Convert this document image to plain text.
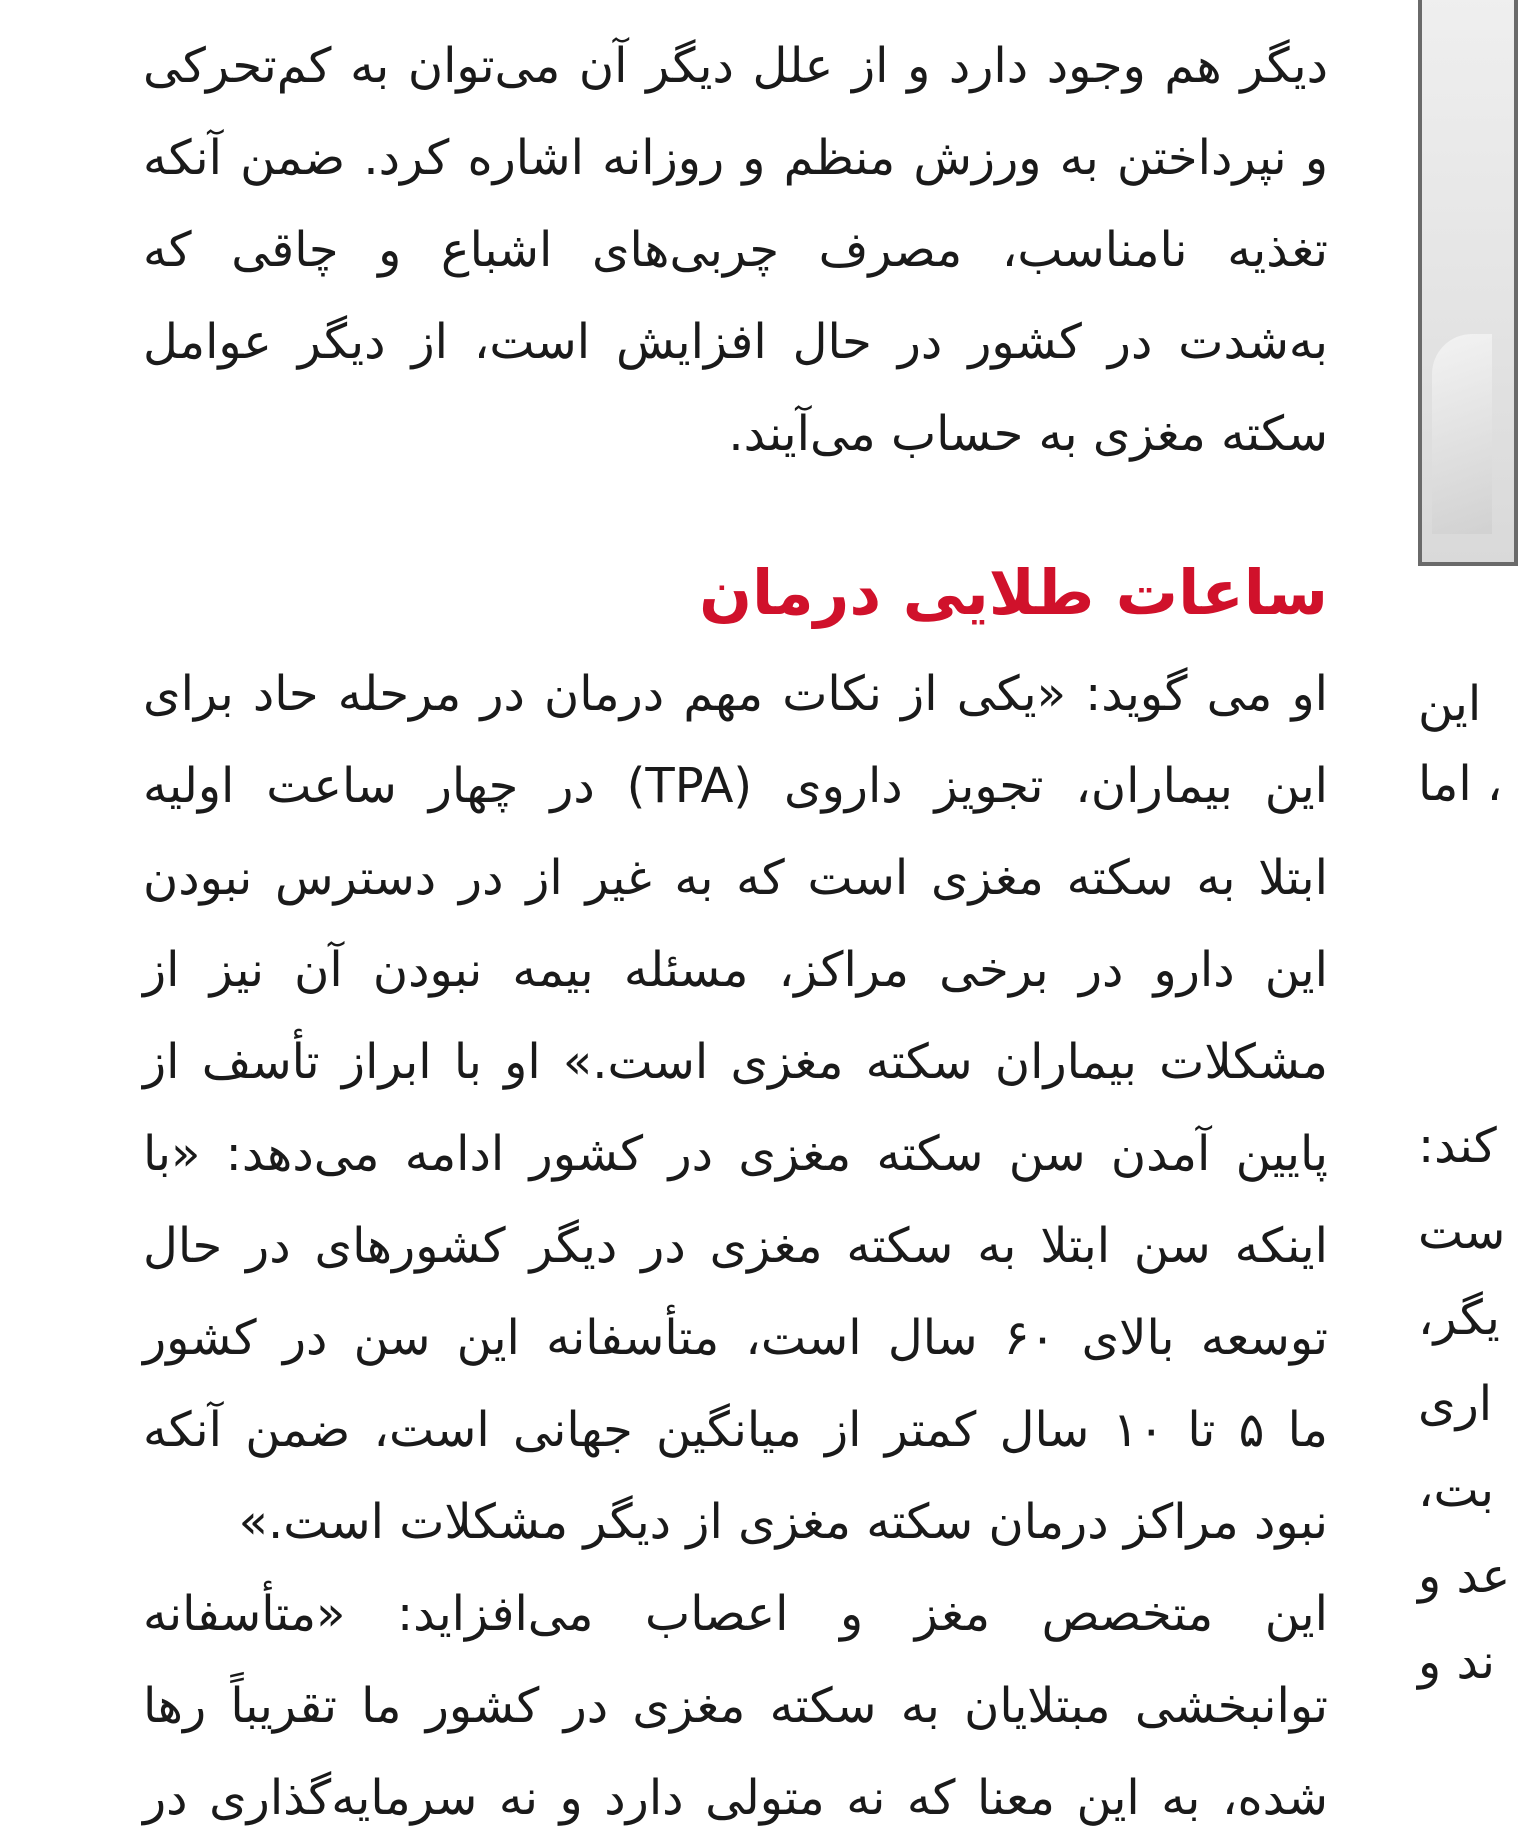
دیگر هم وجود دارد و از علل دیگر آن می‌توان به کم‌تحرکی
و نپرداختن به ورزش منظم و روزانه اشاره کرد. ضمن آنکه
تغذیه نامناسب، مصرف چربی‌های اشباع و چاقی که
به‌شدت در کشور در حال افزایش است، از دیگر عوامل
سکته مغزی به حساب می‌آیند.
ساعات طلایی درمان
او می گوید: «یکی از نکات مهم درمان در مرحله حاد برای
این بیماران، تجویز داروی (TPA) در چهار ساعت اولیه
ابتلا به سکته مغزی است که به غیر از در دسترس نبودن
این دارو در برخی مراکز، مسئله بیمه نبودن آن نیز از
مشکلات بیماران سکته مغزی است.» او با ابراز تأسف از
پایین آمدن سن سکته مغزی در کشور ادامه می‌دهد: «با
اینکه سن ابتلا به سکته مغزی در دیگر کشورهای در حال
توسعه بالای ۶۰ سال است، متأسفانه این سن در کشور
ما ۵ تا ۱۰ سال کمتر از میانگین جهانی است، ضمن آنکه
نبود مراکز درمان سکته مغزی از دیگر مشکلات است.»
این متخصص مغز و اعصاب می‌افزاید: «متأسفانه
توانبخشی مبتلایان به سکته مغزی در کشور ما تقریباً رها
شده، به این معنا که نه متولی دارد و نه سرمایه‌گذاری در
این
، اما
کند:
ست
یگر،
اری
بت،
عد و
ند و
